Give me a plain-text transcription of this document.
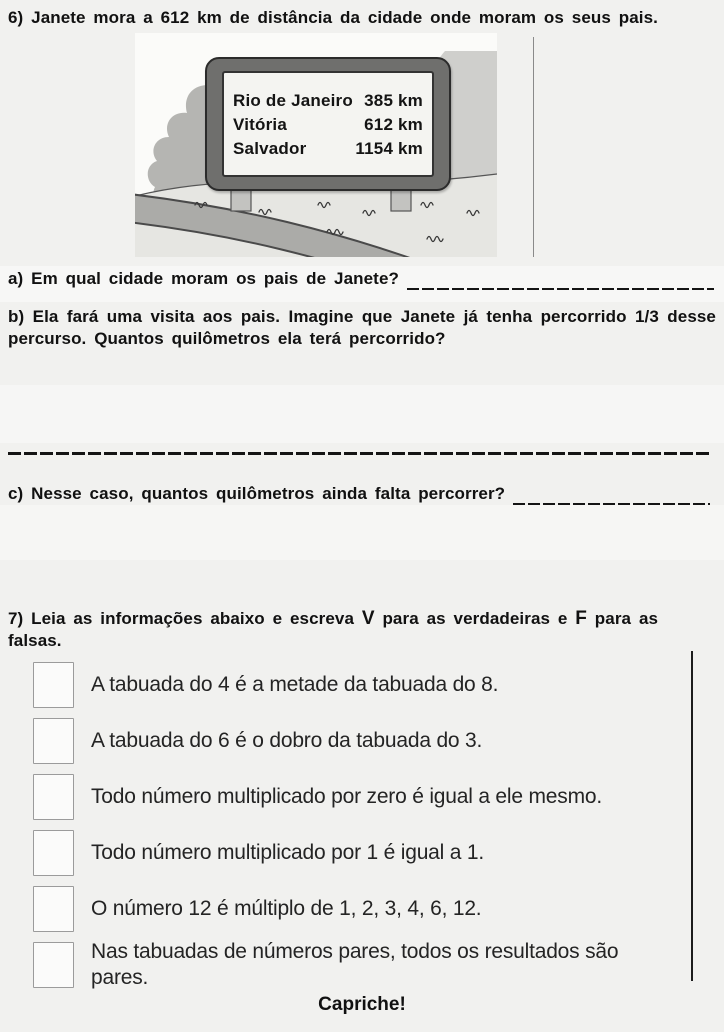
6) Janete mora a 612 km de distância da cidade onde moram os seus pais.
Rio de Janeiro 385 km
Vitória	612 km
Salvador	1154 km
a) Em qual cidade moram os pais de Janete?
b) Ela fará uma visita aos pais. Imagine que Janete já tenha percorrido 1/3 desse percurso. Quantos quilômetros ela terá percorrido?
c) Nesse caso, quantos quilômetros ainda falta percorrer?
7) Leia as informações abaixo e escreva V para as verdadeiras e F para as falsas.
A tabuada do 4 é a metade da tabuada do 8.
A tabuada do 6 é o dobro da tabuada do 3.
Todo número multiplicado por zero é igual a ele mesmo.
Todo número multiplicado por 1 é igual a 1.
O número 12 é múltiplo de 1, 2, 3, 4, 6, 12.
Nas tabuadas de números pares, todos os resultados são pares.
Capriche!
